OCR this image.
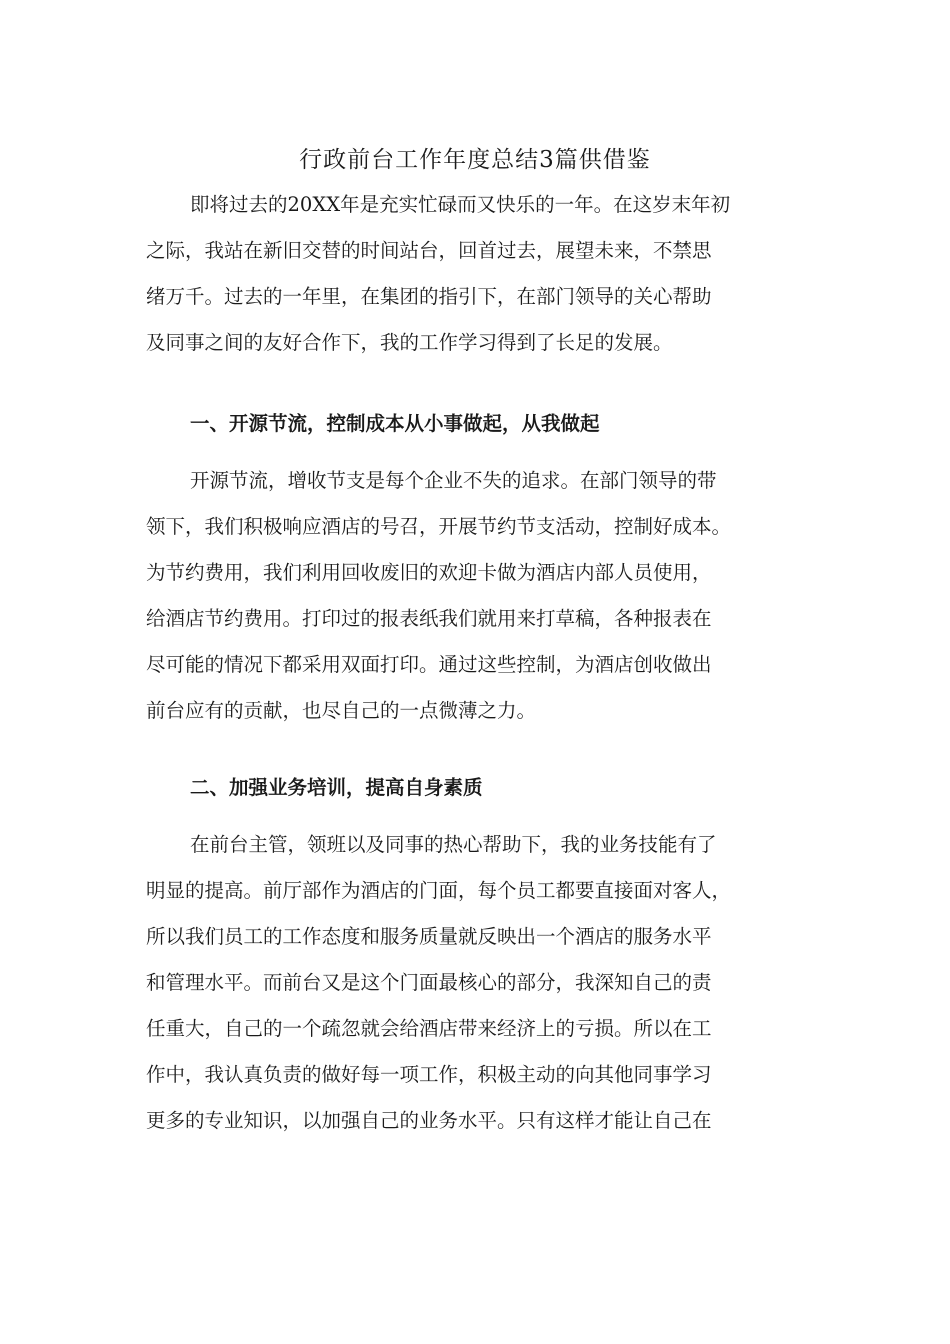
行政前台工作年度总结3篇供借鉴
即将过去的20XX年是充实忙碌而又快乐的一年。在这岁末年初
之际，我站在新旧交替的时间站台，回首过去，展望未来，不禁思
绪万千。过去的一年里，在集团的指引下，在部门领导的关心帮助
及同事之间的友好合作下，我的工作学习得到了长足的发展。
一、开源节流，控制成本从小事做起，从我做起
开源节流，增收节支是每个企业不失的追求。在部门领导的带
领下，我们积极响应酒店的号召，开展节约节支活动，控制好成本。
为节约费用，我们利用回收废旧的欢迎卡做为酒店内部人员使用，
给酒店节约费用。打印过的报表纸我们就用来打草稿，各种报表在
尽可能的情况下都采用双面打印。通过这些控制，为酒店创收做出
前台应有的贡献，也尽自己的一点微薄之力。
二、加强业务培训，提高自身素质
在前台主管，领班以及同事的热心帮助下，我的业务技能有了
明显的提高。前厅部作为酒店的门面，每个员工都要直接面对客人，
所以我们员工的工作态度和服务质量就反映出一个酒店的服务水平
和管理水平。而前台又是这个门面最核心的部分，我深知自己的责
任重大，自己的一个疏忽就会给酒店带来经济上的亏损。所以在工
作中，我认真负责的做好每一项工作，积极主动的向其他同事学习
更多的专业知识，以加强自己的业务水平。只有这样才能让自己在
